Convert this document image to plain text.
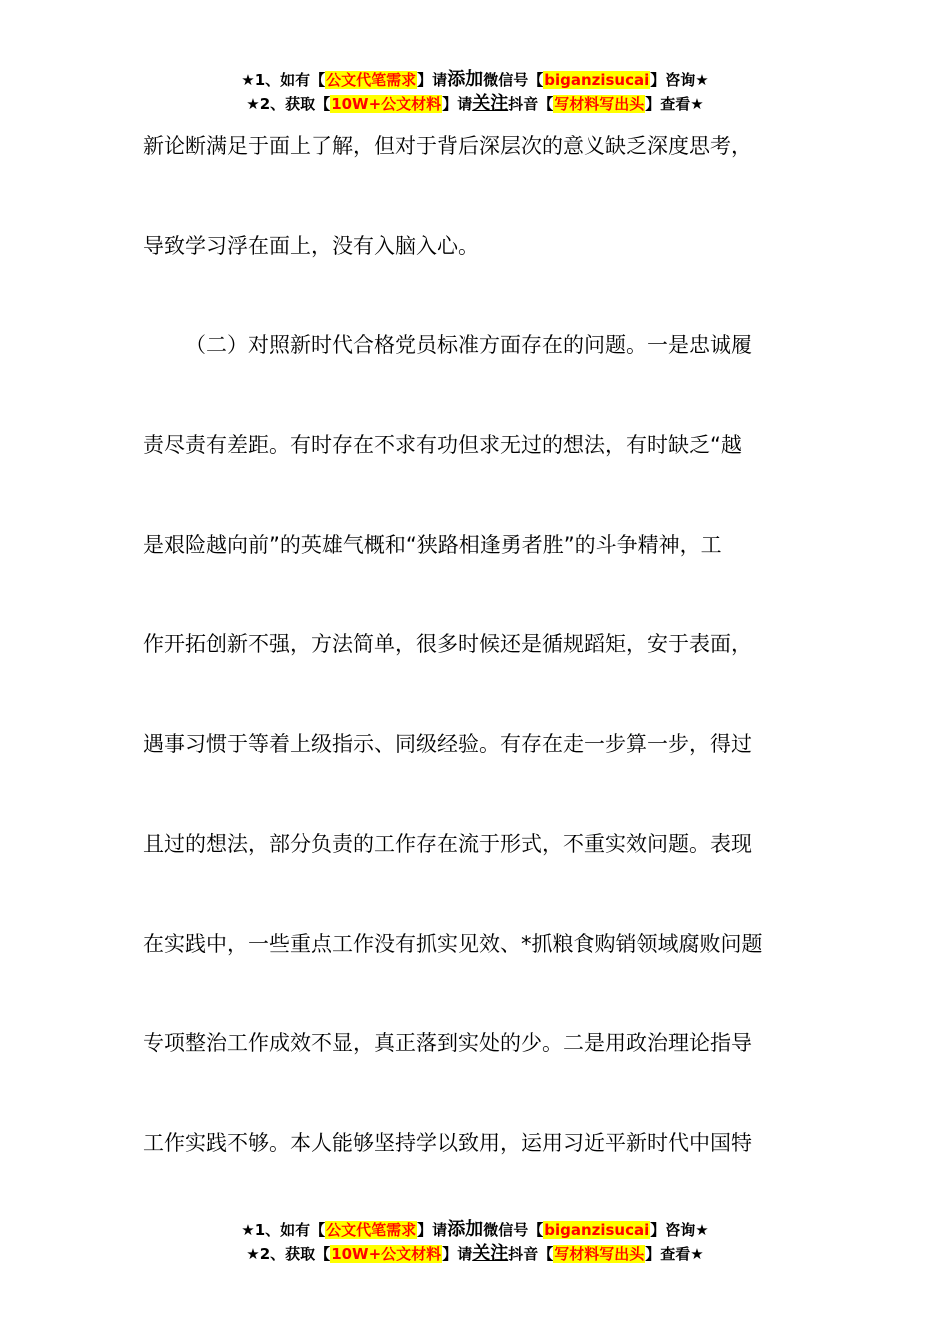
★1、如有【公文代笔需求】请添加微信号【biganzisucai】咨询★
★2、获取【10W+公文材料】请关注抖音【写材料写出头】查看★
新论断满足于面上了解，但对于背后深层次的意义缺乏深度思考，
导致学习浮在面上，没有入脑入心。
（二）对照新时代合格党员标准方面存在的问题。一是忠诚履
责尽责有差距。有时存在不求有功但求无过的想法，有时缺乏“越
是艰险越向前”的英雄气概和“狭路相逢勇者胜”的斗争精神，工
作开拓创新不强，方法简单，很多时候还是循规蹈矩，安于表面，
遇事习惯于等着上级指示、同级经验。有存在走一步算一步，得过
且过的想法，部分负责的工作存在流于形式，不重实效问题。表现
在实践中，一些重点工作没有抓实见效、*抓粮食购销领域腐败问题
专项整治工作成效不显，真正落到实处的少。二是用政治理论指导
工作实践不够。本人能够坚持学以致用，运用习近平新时代中国特
★1、如有【公文代笔需求】请添加微信号【biganzisucai】咨询★
★2、获取【10W+公文材料】请关注抖音【写材料写出头】查看★
